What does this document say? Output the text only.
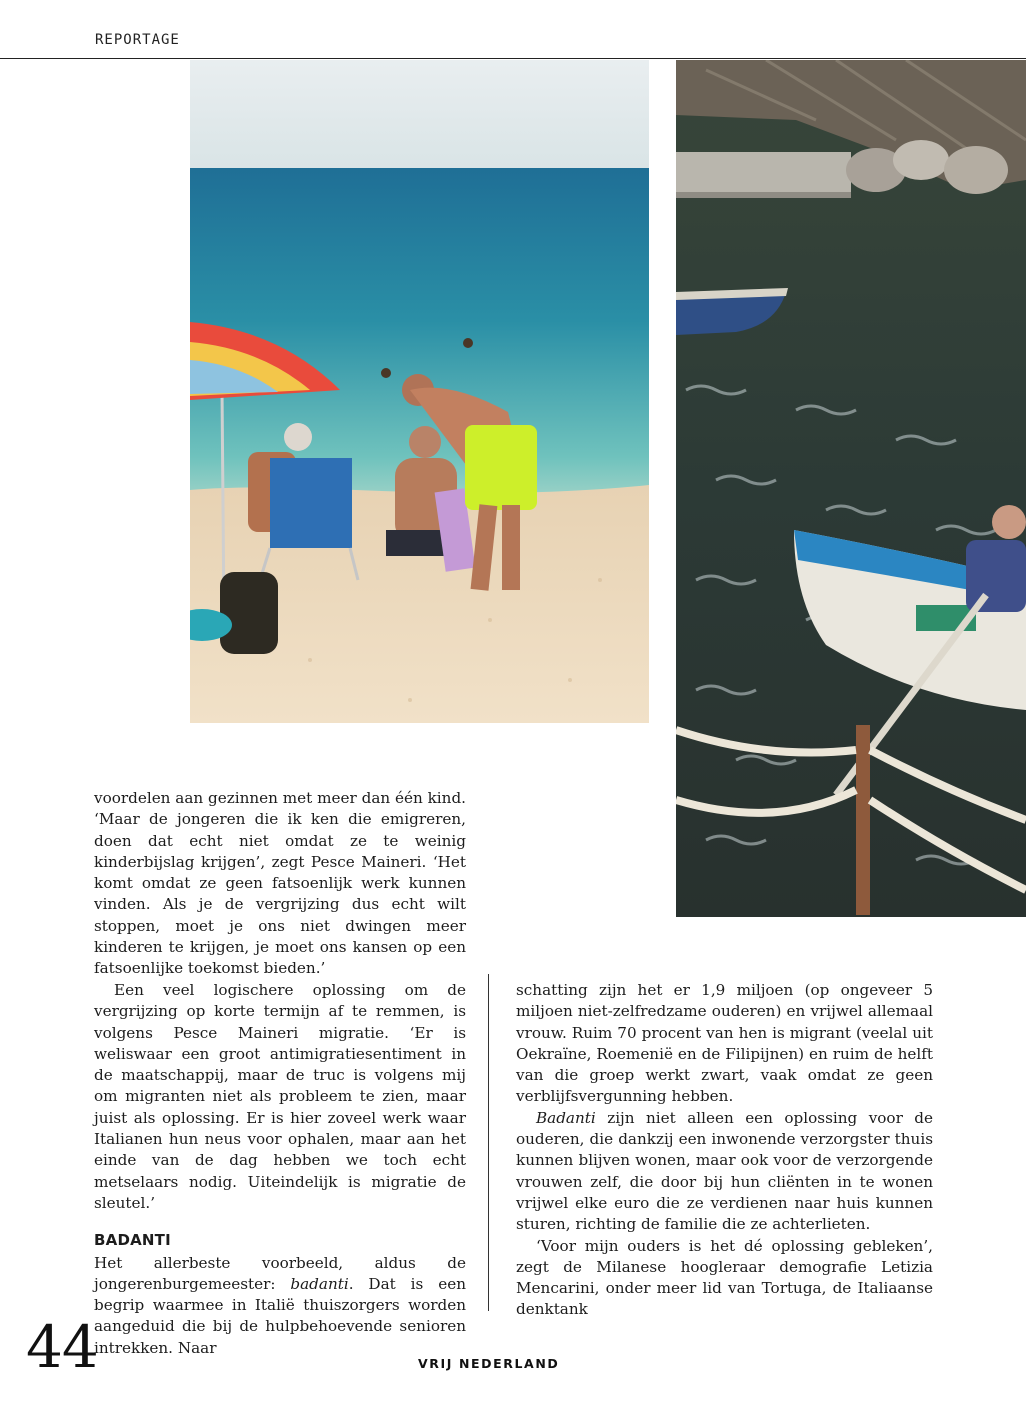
REPORTAGE

voordelen aan gezinnen met meer dan één kind. ‘Maar de jongeren die ik ken die emigreren, doen dat echt niet omdat ze te weinig kinderbijslag krijgen’, zegt Pesce Maineri. ‘Het komt omdat ze geen fatsoenlijk werk kunnen vinden. Als je de vergrijzing dus echt wilt stoppen, moet je ons niet dwingen meer kinderen te krijgen, je moet ons kansen op een fatsoenlijke toekomst bieden.’

Een veel logischere oplossing om de vergrijzing op korte termijn af te remmen, is volgens Pesce Maineri migratie. ‘Er is weliswaar een groot antimigratiesentiment in de maatschappij, maar de truc is volgens mij om migranten niet als probleem te zien, maar juist als oplossing. Er is hier zoveel werk waar Italianen hun neus voor ophalen, maar aan het einde van de dag hebben we toch echt metselaars nodig. Uiteindelijk is migratie de sleutel.’

BADANTI

Het allerbeste voorbeeld, aldus de jongerenburgemeester: badanti. Dat is een begrip waarmee in Italië thuiszorgers worden aangeduid die bij de hulpbehoevende senioren intrekken. Naar

schatting zijn het er 1,9 miljoen (op ongeveer 5 miljoen niet-zelfredzame ouderen) en vrijwel allemaal vrouw. Ruim 70 procent van hen is migrant (veelal uit Oekraïne, Roemenië en de Filipijnen) en ruim de helft van die groep werkt zwart, vaak omdat ze geen verblijfsvergunning hebben.

Badanti zijn niet alleen een oplossing voor de ouderen, die dankzij een inwonende verzorgster thuis kunnen blijven wonen, maar ook voor de verzorgende vrouwen zelf, die door bij hun cliënten in te wonen vrijwel elke euro die ze verdienen naar huis kunnen sturen, richting de familie die ze achterlieten.

‘Voor mijn ouders is het dé oplossing gebleken’, zegt de Milanese hoogleraar demografie Letizia Mencarini, onder meer lid van Tortuga, de Italiaanse denktank

44	VRIJ NEDERLAND
